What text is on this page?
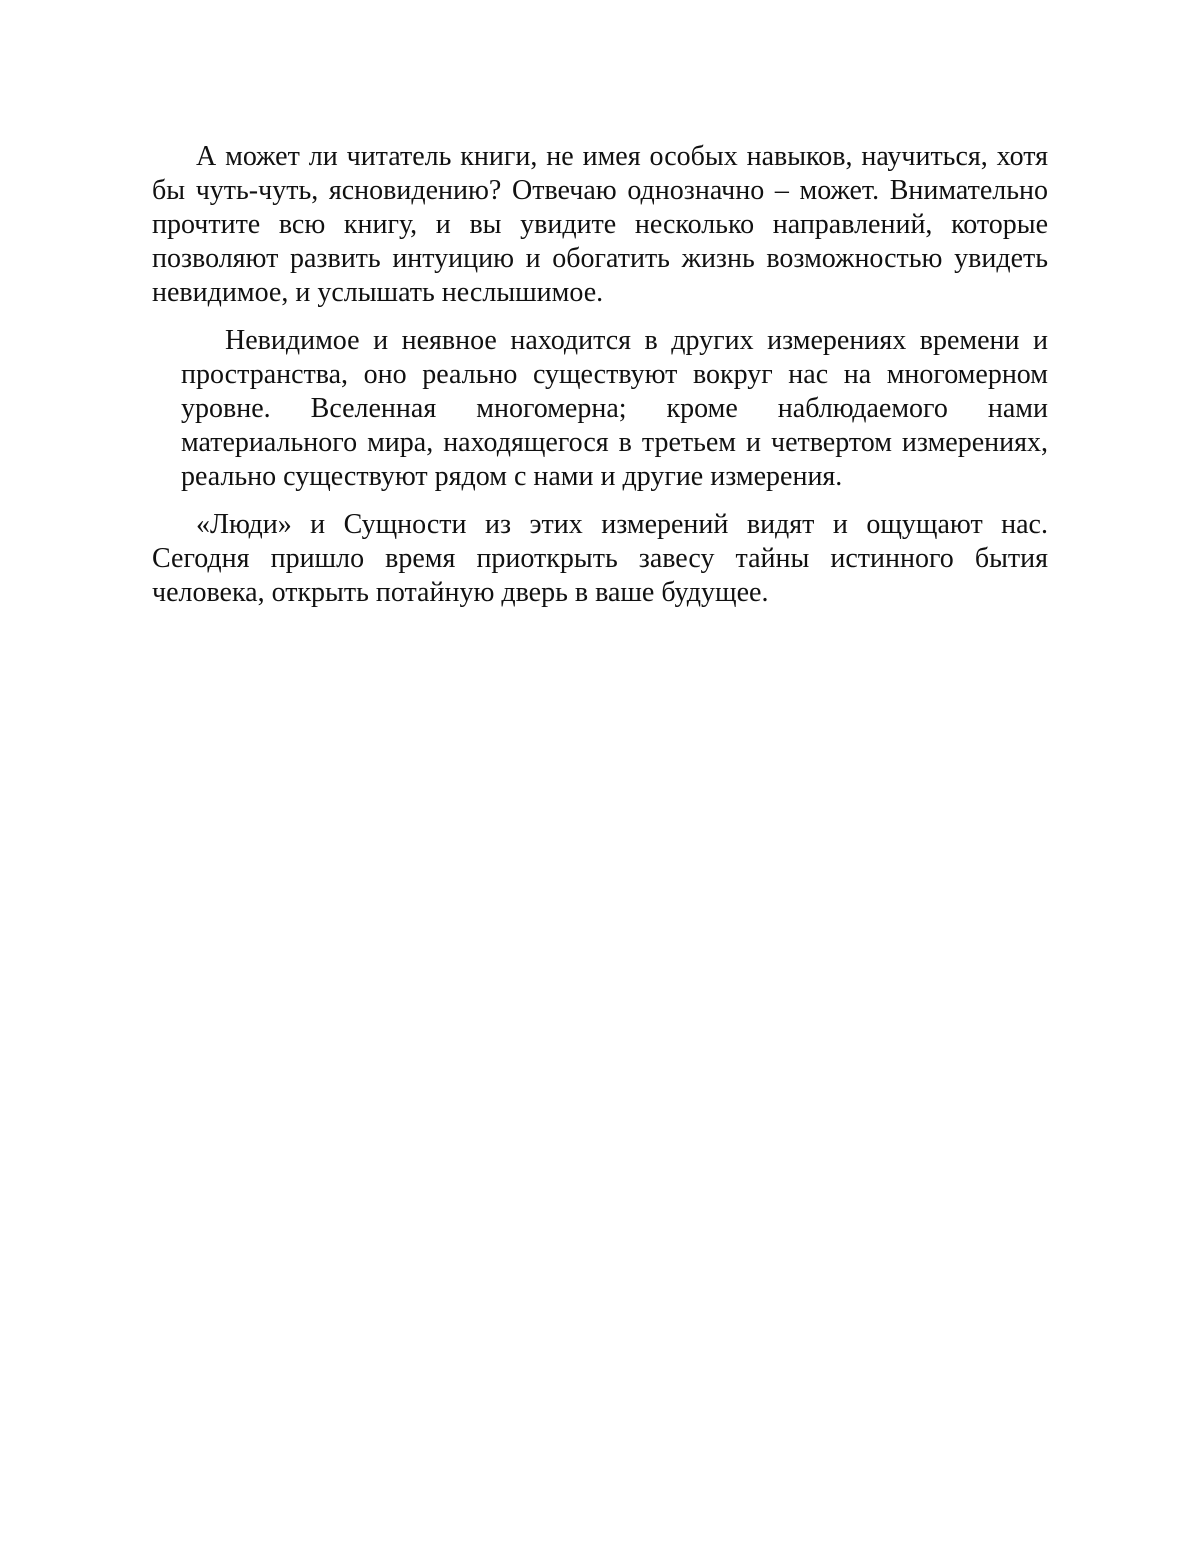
А может ли читатель книги, не имея особых навыков, научиться, хотя бы чуть-чуть, ясновидению? Отвечаю однозначно – может. Внимательно прочтите всю книгу, и вы увидите несколько направлений, которые позволяют развить интуицию и обогатить жизнь возможностью увидеть невидимое, и услышать неслышимое.

Невидимое и неявное находится в других измерениях времени и пространства, оно реально существуют вокруг нас на многомерном уровне. Вселенная многомерна; кроме наблюдаемого нами материального мира, находящегося в третьем и четвертом измерениях, реально существуют рядом с нами и другие измерения.

«Люди» и Сущности из этих измерений видят и ощущают нас. Сегодня пришло время приоткрыть завесу тайны истинного бытия человека, открыть потайную дверь в ваше будущее.
